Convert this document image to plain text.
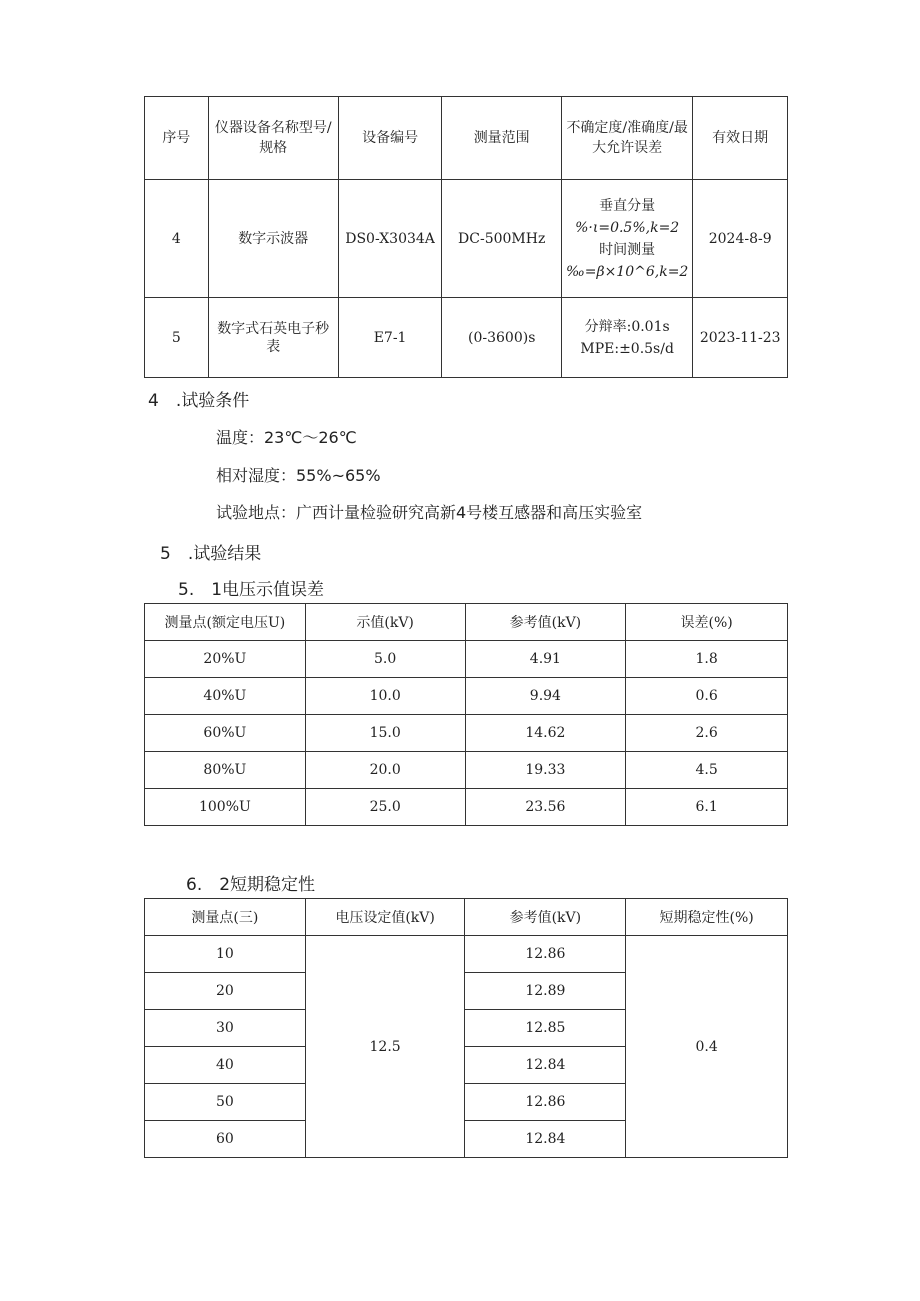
序号	仪器设备名称型号/规格	设备编号	测量范围	不确定度/准确度/最大允许误差	有效日期
4	数字示波器	DS0-X3034A	DC-500MHz	垂直分量
%·ι=0.5%,k=2
时间测量
‰=β×10^6,k=2	2024-8-9
5	数字式石英电子秒表	E7-1	(0-3600)s	分辩率:0.01s
MPE:±0.5s∕d	2023-11-23
4　.试验条件
温度：23℃～26℃
相对湿度：55%~65%
试验地点：广西计量检验研究高新4号楼互感器和高压实验室
5　.试验结果
5.　1电压示值误差
测量点(额定电压U)	示值(kV)	参考值(kV)	误差(%)
20%U	5.0	4.91	1.8
40%U	10.0	9.94	0.6
60%U	15.0	14.62	2.6
80%U	20.0	19.33	4.5
100%U	25.0	23.56	6.1
6.　2短期稳定性
测量点(三)	电压设定值(kV)	参考值(kV)	短期稳定性(%)
10	12.5	12.86	0.4
20		12.89	
30		12.85	
40		12.84	
50		12.86	
60		12.84	
